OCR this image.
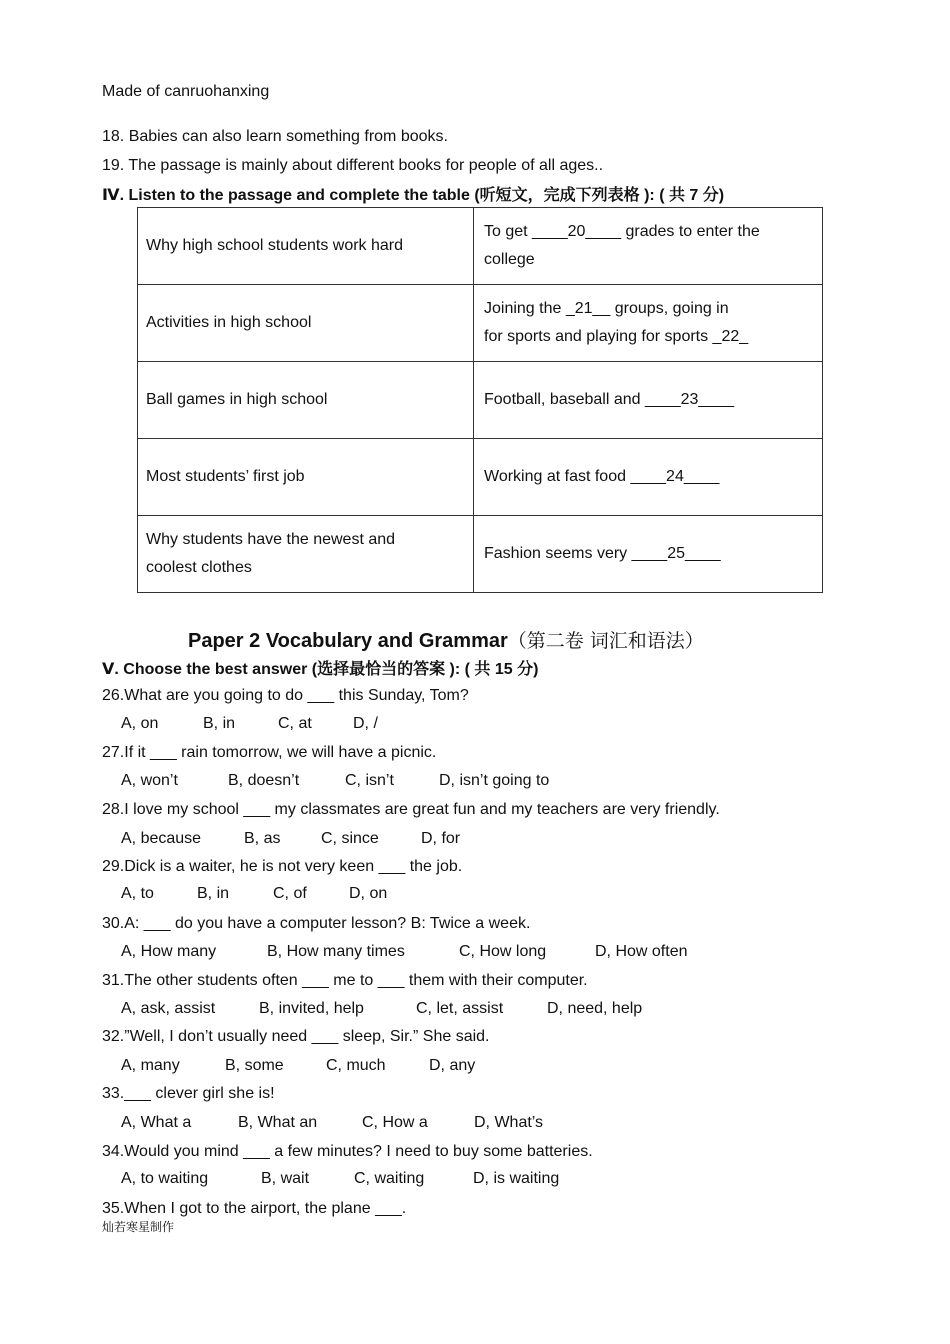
Made of canruohanxing
18. Babies can also learn something from books.
19. The passage is mainly about different books for people of all ages..
Ⅳ. Listen to the passage and complete the table (听短文，完成下列表格 ): ( 共 7 分)
Why high school students work hard	To get ____20____ grades to enter the college
Activities in high school	Joining the _21__ groups, going in
for sports and playing for sports _22_

Ball games in high school	Football, baseball and ____23____
Most students’ first job	Working at fast food ____24____

Why students have the newest and
coolest clothes	Fashion seems very ____25____
Paper 2 Vocabulary and Grammar（第二卷 词汇和语法）
Ⅴ. Choose the best answer (选择最恰当的答案 ): ( 共 15 分)
26.What are you going to do ___ this Sunday, Tom?
A, on	B, in	C, at	D, /
27.If it ___ rain tomorrow, we will have a picnic.
A, won’t	B, doesn’t	C, isn’t	D, isn’t going to
28.I love my school ___ my classmates are great fun and my teachers are very friendly.
A, because	B, as	C, since	D, for
29.Dick is a waiter, he is not very keen ___ the job.
A, to	B, in	C, of	D, on
30.A: ___ do you have a computer lesson? B: Twice a week.
A, How many	B, How many times	C, How long	D, How often
31.The other students often ___ me to ___ them with their computer.
A, ask, assist	B, invited, help	C, let, assist	D, need, help
32.”Well, I don’t usually need ___ sleep, Sir.” She said.
A, many	B, some	C, much	D, any
33.___ clever girl she is!
A, What a	B, What an	C, How a	D, What’s
34.Would you mind ___ a few minutes? I need to buy some batteries.
A, to waiting	B, wait	C, waiting	D, is waiting
35.When I got to the airport, the plane ___.
灿若寒星制作
